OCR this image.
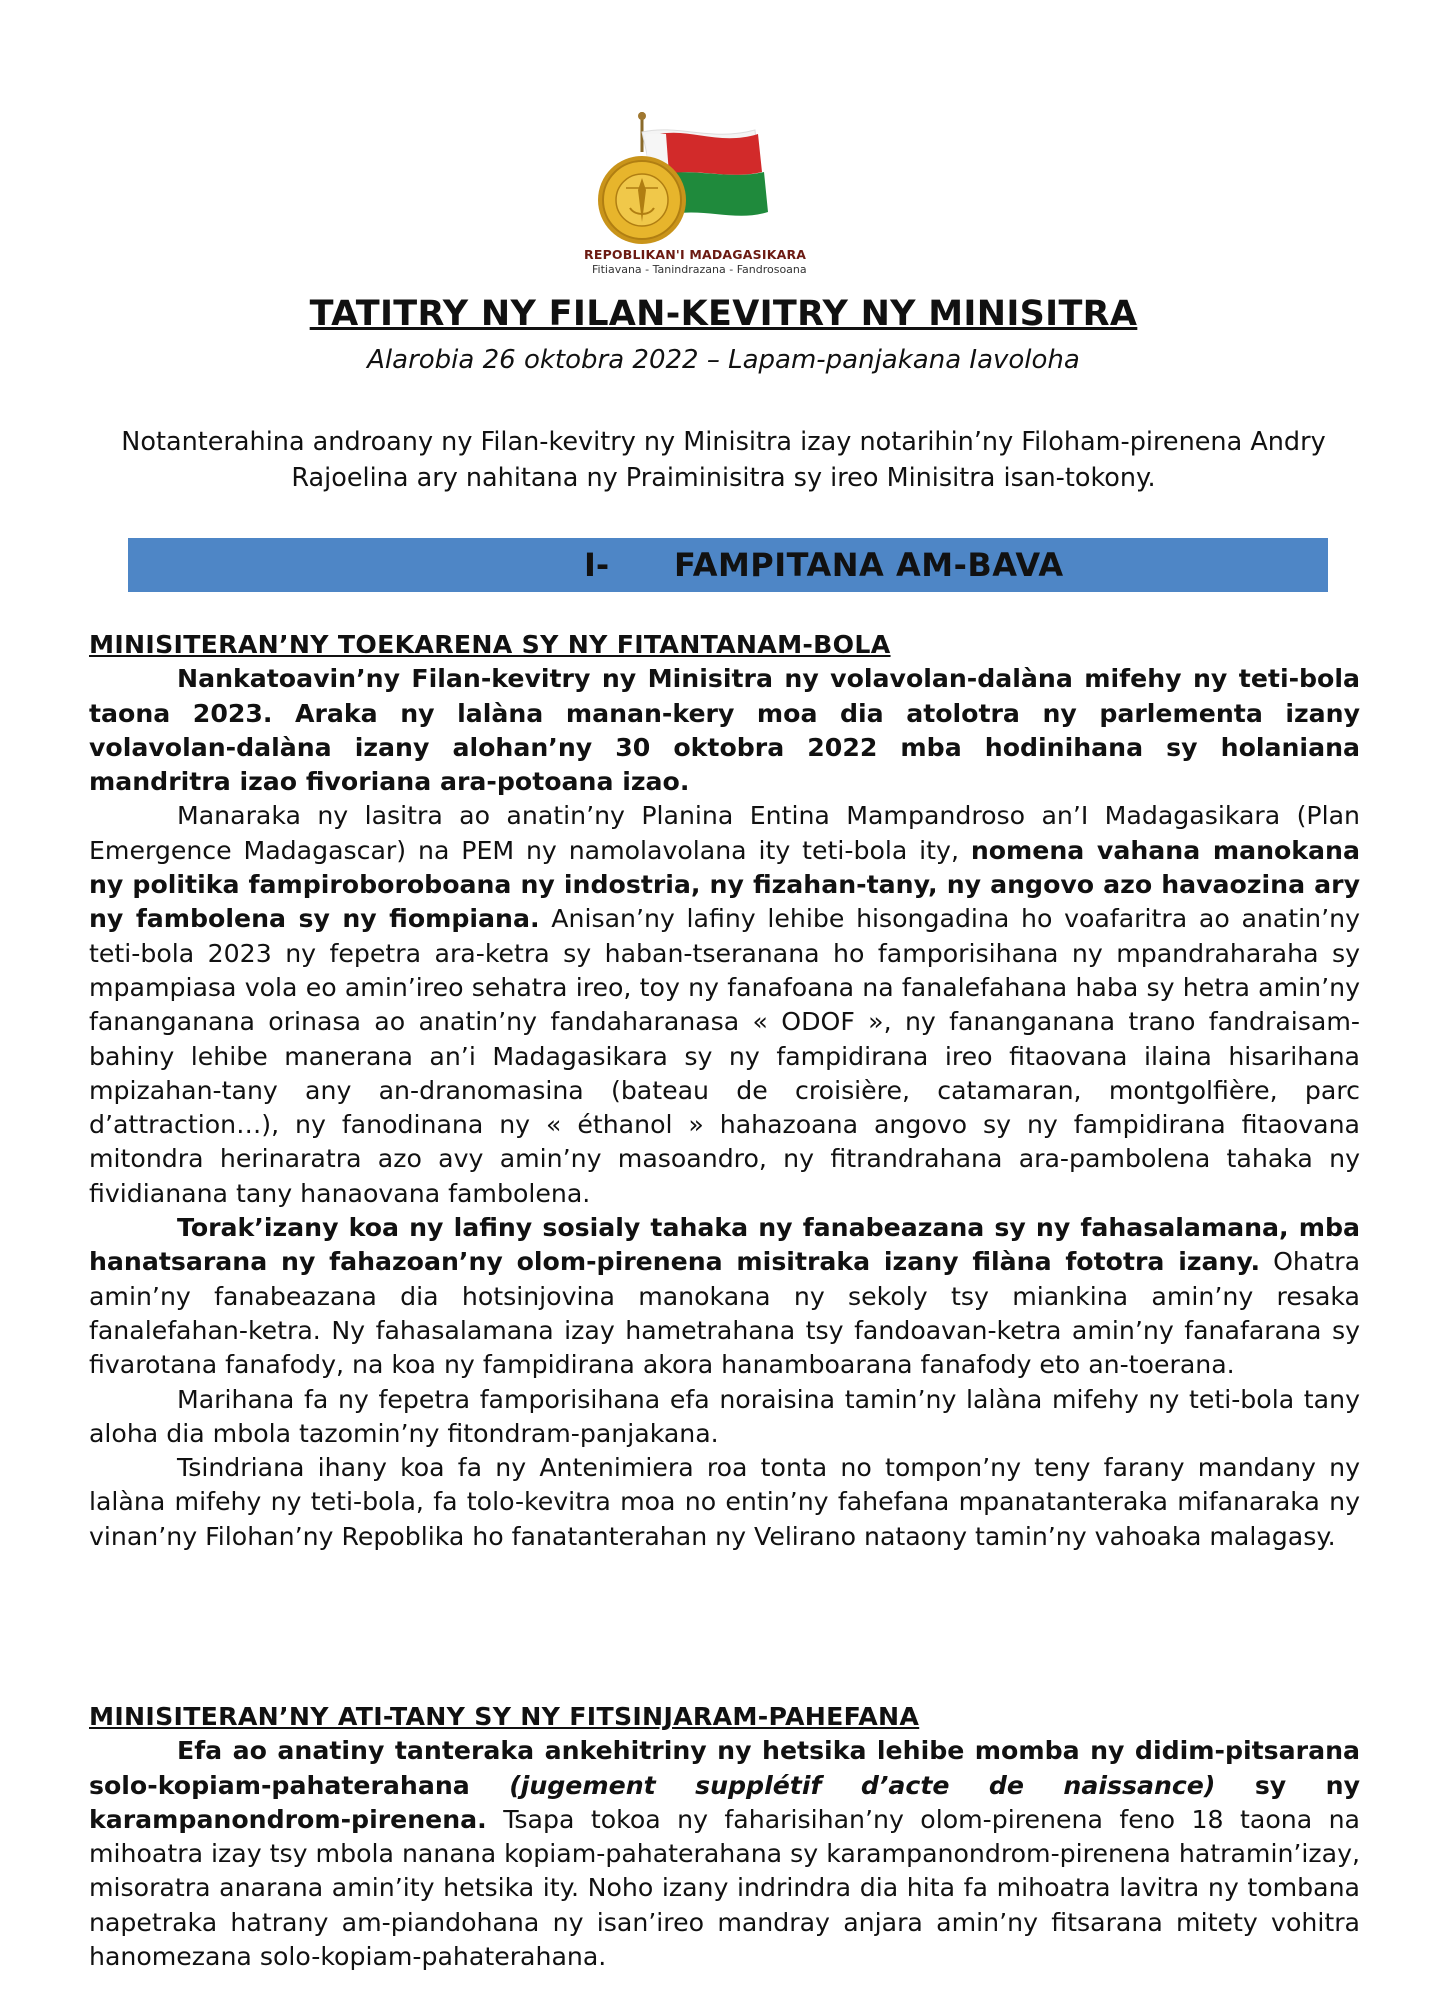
REPOBLIKAN'I MADAGASIKARA
Fitiavana - Tanindrazana - Fandrosoana
TATITRY NY FILAN-KEVITRY NY MINISITRA
Alarobia 26 oktobra 2022 – Lapam-panjakana Iavoloha
Notanterahina androany ny Filan-kevitry ny Minisitra izay notarihin’ny Filoham-pirenena Andry Rajoelina ary nahitana ny Praiminisitra sy ireo Minisitra isan-tokony.
I- FAMPITANA AM-BAVA

MINISITERAN’NY TOEKARENA SY NY FITANTANAM-BOLA

Nankatoavin’ny Filan-kevitry ny Minisitra ny volavolan-dalàna mifehy ny teti-bola taona 2023. Araka ny lalàna manan-kery moa dia atolotra ny parlementa izany volavolan-dalàna izany alohan’ny 30 oktobra 2022 mba hodinihana sy holaniana mandritra izao fivoriana ara-potoana izao.

Manaraka ny lasitra ao anatin’ny Planina Entina Mampandroso an’I Madagasikara (Plan Emergence Madagascar) na PEM ny namolavolana ity teti-bola ity, nomena vahana manokana ny politika fampiroboroboana ny indostria, ny fizahan-tany, ny angovo azo havaozina ary ny fambolena sy ny fiompiana. Anisan’ny lafiny lehibe hisongadina ho voafaritra ao anatin’ny teti-bola 2023 ny fepetra ara-ketra sy haban-tseranana ho famporisihana ny mpandraharaha sy mpampiasa vola eo amin’ireo sehatra ireo, toy ny fanafoana na fanalefahana haba sy hetra amin’ny fananganana orinasa ao anatin’ny fandaharanasa « ODOF », ny fananganana trano fandraisam-bahiny lehibe manerana an’i Madagasikara sy ny fampidirana ireo fitaovana ilaina hisarihana mpizahan-tany any an-dranomasina (bateau de croisière, catamaran, montgolfière, parc d’attraction…), ny fanodinana ny « éthanol » hahazoana angovo sy ny fampidirana fitaovana mitondra herinaratra azo avy amin’ny masoandro, ny fitrandrahana ara-pambolena tahaka ny fividianana tany hanaovana fambolena.

Torak’izany koa ny lafiny sosialy tahaka ny fanabeazana sy ny fahasalamana, mba hanatsarana ny fahazoan’ny olom-pirenena misitraka izany filàna fototra izany. Ohatra amin’ny fanabeazana dia hotsinjovina manokana ny sekoly tsy miankina amin’ny resaka fanalefahan-ketra. Ny fahasalamana izay hametrahana tsy fandoavan-ketra amin’ny fanafarana sy fivarotana fanafody, na koa ny fampidirana akora hanamboarana fanafody eto an-toerana.

Marihana fa ny fepetra famporisihana efa noraisina tamin’ny lalàna mifehy ny teti-bola tany aloha dia mbola tazomin’ny fitondram-panjakana.

Tsindriana ihany koa fa ny Antenimiera roa tonta no tompon’ny teny farany mandany ny lalàna mifehy ny teti-bola, fa tolo-kevitra moa no entin’ny fahefana mpanatanteraka mifanaraka ny vinan’ny Filohan’ny Repoblika ho fanatanterahan ny Velirano nataony tamin’ny vahoaka malagasy.

MINISITERAN’NY ATI-TANY SY NY FITSINJARAM-PAHEFANA

Efa ao anatiny tanteraka ankehitriny ny hetsika lehibe momba ny didim-pitsarana solo-kopiam-pahaterahana (jugement supplétif d’acte de naissance) sy ny karampanondrom-pirenena. Tsapa tokoa ny faharisihan’ny olom-pirenena feno 18 taona na mihoatra izay tsy mbola nanana kopiam-pahaterahana sy karampanondrom-pirenena hatramin’izay, misoratra anarana amin’ity hetsika ity. Noho izany indrindra dia hita fa mihoatra lavitra ny tombana napetraka hatrany am-piandohana ny isan’ireo mandray anjara amin’ny fitsarana mitety vohitra hanomezana solo-kopiam-pahaterahana.
